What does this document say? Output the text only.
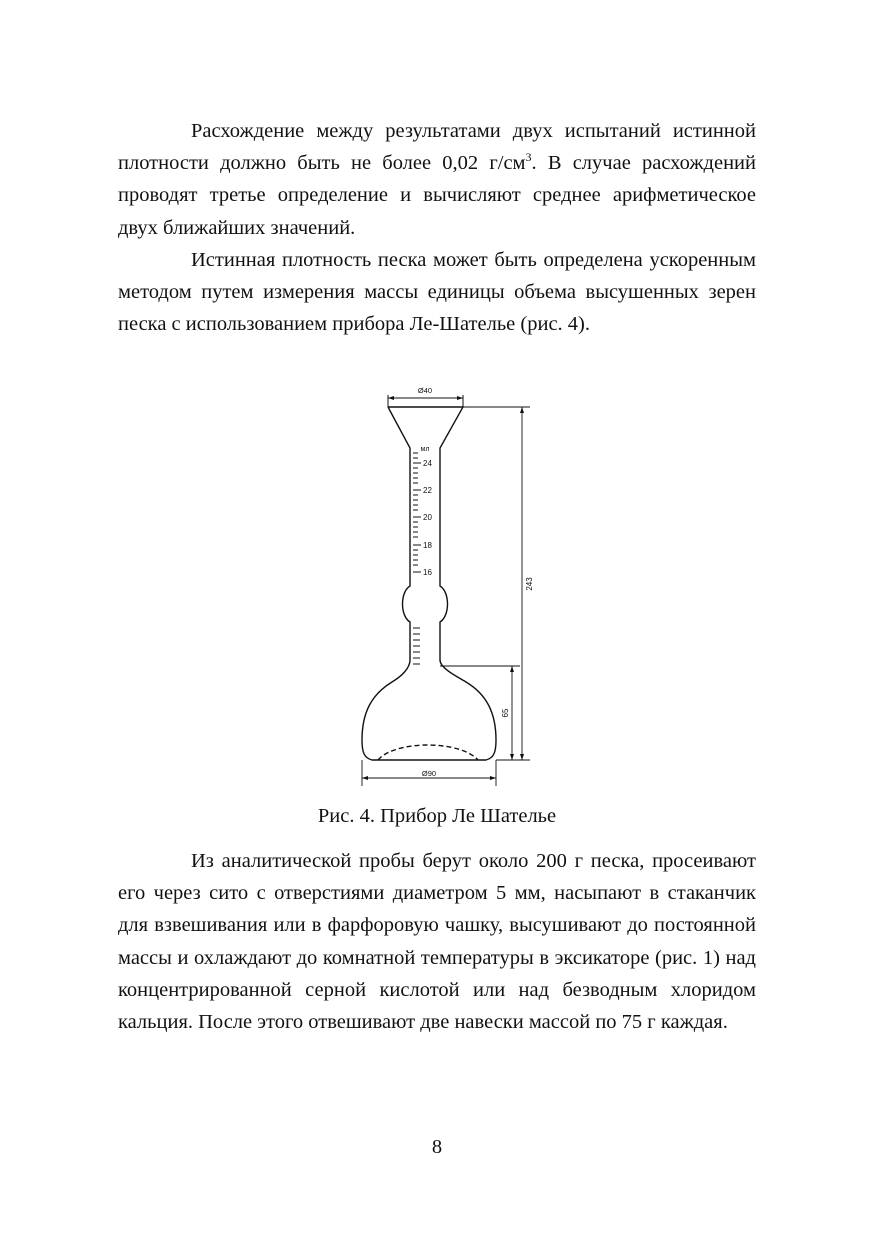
Расхождение между результатами двух испытаний истинной плотности должно быть не более 0,02 $г/см^3$. В случае расхождений проводят третье определение и вычисляют среднее арифметическое двух ближайших значений.

Истинная плотность песка может быть определена ускоренным методом путем измерения массы единицы объема высушенных зерен песка с использованием прибора Ле-Шателье (рис. 4).

Ø40
Ø90
мл
243
65
24
22
20
18
16

Рис. 4. Прибор Ле Шателье

Из аналитической пробы берут около 200 г песка, просеивают его через сито с отверстиями диаметром 5 мм, насыпают в стаканчик для взвешивания или в фарфоровую чашку, высушивают до постоянной массы и охлаждают до комнатной температуры в эксикаторе (рис. 1) над концентрированной серной кислотой или над безводным хлоридом кальция. После этого отвешивают две навески массой по 75 г каждая.

8
